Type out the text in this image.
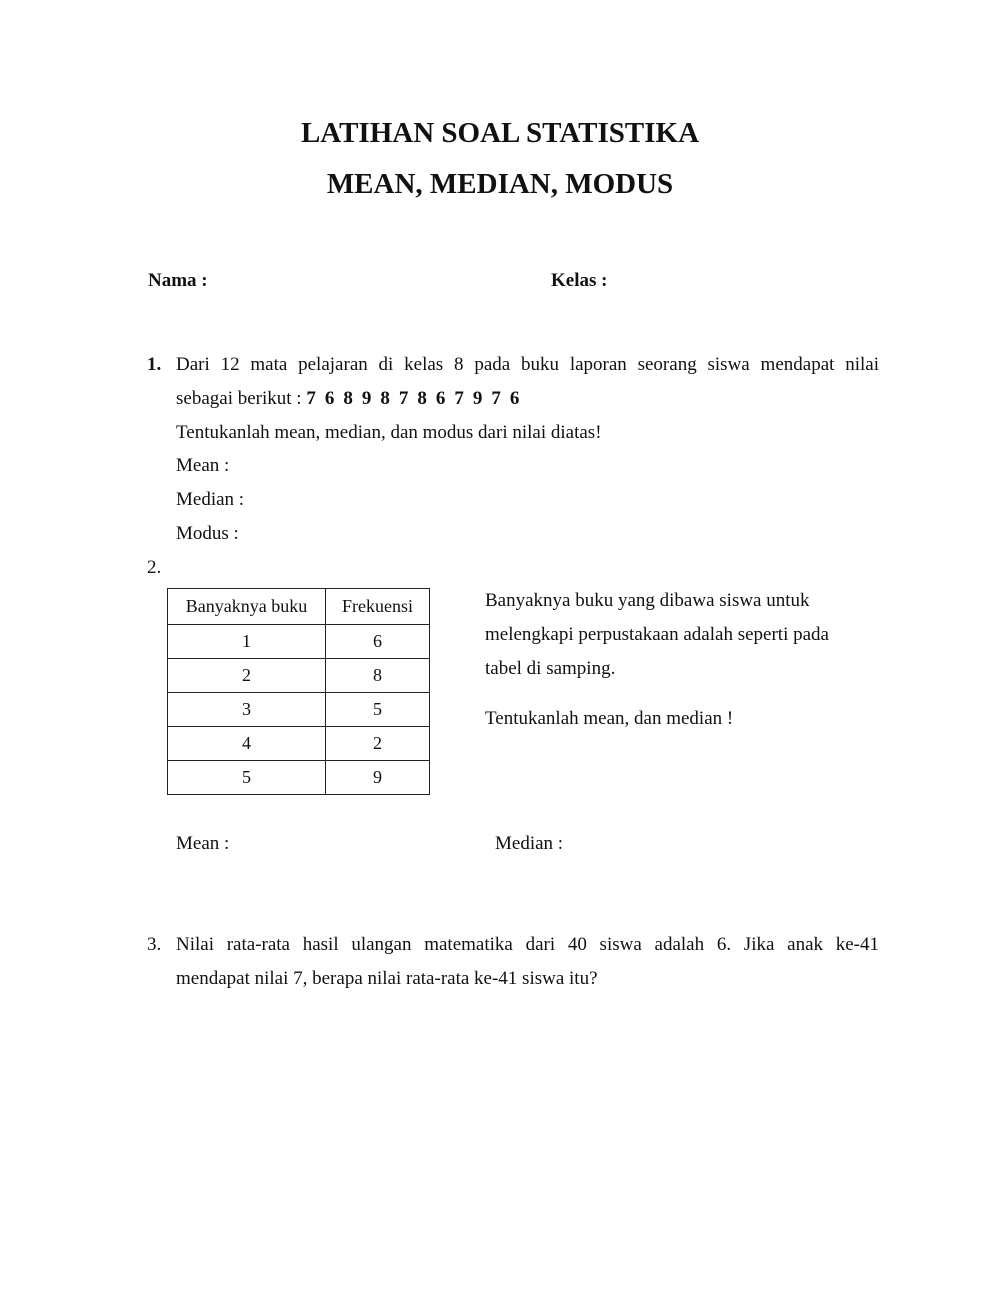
LATIHAN SOAL STATISTIKA
MEAN, MEDIAN, MODUS
Nama :	Kelas :
1. Dari 12 mata pelajaran di kelas 8 pada buku laporan seorang siswa mendapat nilai
sebagai berikut : 7 6 8 9 8 7 8 6 7 9 7 6
Tentukanlah mean, median, dan modus dari nilai diatas!
Mean :
Median :
Modus :
2.
Banyaknya buku	Frekuensi
1	6
2	8
3	5
4	2
5	9
Banyaknya buku yang dibawa siswa untuk
melengkapi perpustakaan adalah seperti pada
tabel di samping.
Tentukanlah mean, dan median !
Mean :	Median :
3. Nilai rata-rata hasil ulangan matematika dari 40 siswa adalah 6. Jika anak ke-41
mendapat nilai 7, berapa nilai rata-rata ke-41 siswa itu?
